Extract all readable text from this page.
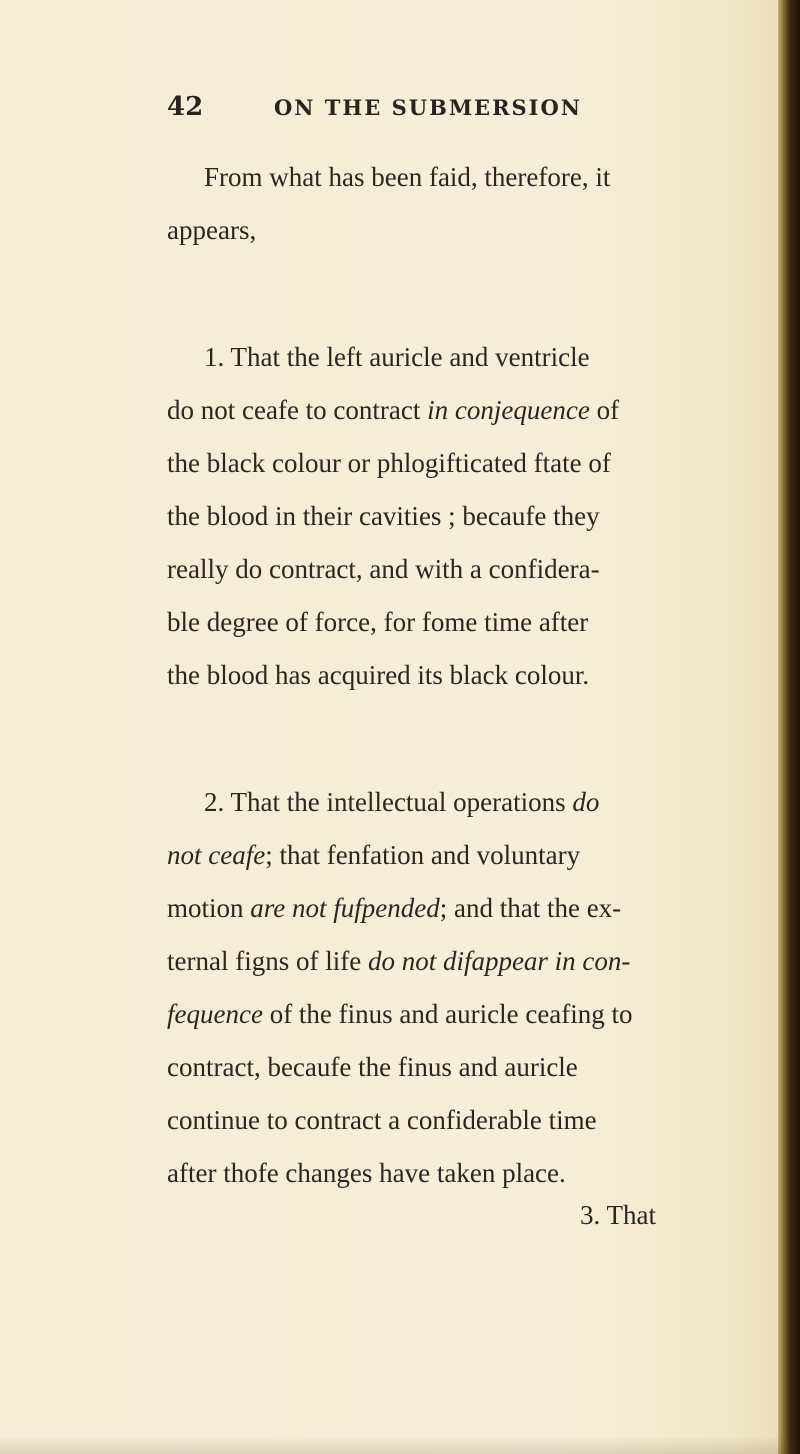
42	ON THE SUBMERSION
From what has been faid, therefore, it
appears,
1. That the left auricle and ventricle
do not ceafe to contract in conjequence of
the black colour or phlogifticated ftate of
the blood in their cavities ; becaufe they
really do contract, and with a confidera-
ble degree of force, for fome time after
the blood has acquired its black colour.
2. That the intellectual operations do
not ceafe; that fenfation and voluntary
motion are not fufpended; and that the ex-
ternal figns of life do not difappear in con-
fequence of the finus and auricle ceafing to
contract, becaufe the finus and auricle
continue to contract a confiderable time
after thofe changes have taken place.
3. That
